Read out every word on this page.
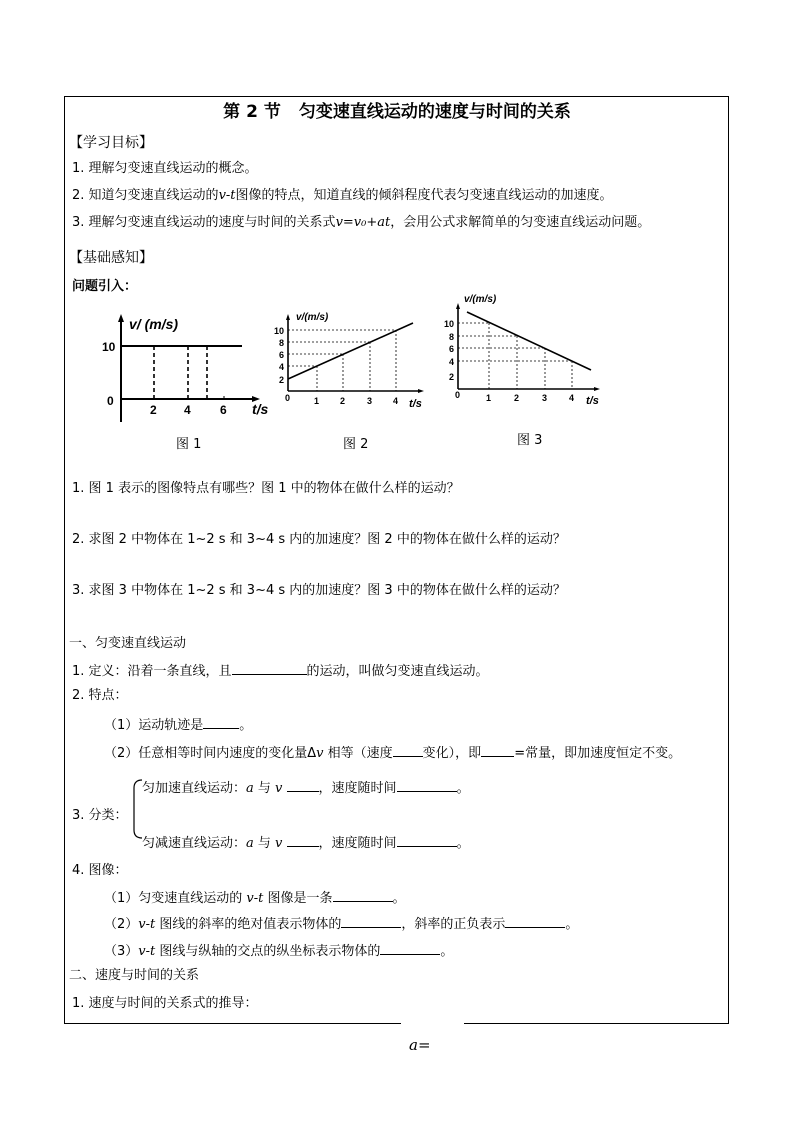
第 2 节 匀变速直线运动的速度与时间的关系
【学习目标】
1. 理解匀变速直线运动的概念。
2. 知道匀变速直线运动的v-t图像的特点，知道直线的倾斜程度代表匀变速直线运动的加速度。
3. 理解匀变速直线运动的速度与时间的关系式v=v₀+at，会用公式求解简单的匀变速直线运动问题。
【基础感知】
问题引入：
v/ (m/s)
10
0
2 4 6 t/s
v/(m/s)
10
8
6
4
2
0	1 2 3 4 t/s
v/(m/s)
10
8
6
4
2
0	1	2	3 4 t/s
图 1	图 2	图 3
1. 图 1 表示的图像特点有哪些？图 1 中的物体在做什么样的运动？
2. 求图 2 中物体在 1~2 s 和 3~4 s 内的加速度？图 2 中的物体在做什么样的运动？
3. 求图 3 中物体在 1~2 s 和 3~4 s 内的加速度？图 3 中的物体在做什么样的运动？
一、匀变速直线运动
1. 定义：沿着一条直线，且	的运动，叫做匀变速直线运动。
2. 特点：
（1）运动轨迹是	。
（2）任意相等时间内速度的变化量Δv 相等（速度 变化），即	=常量，即加速度恒定不变。
3. 分类：
匀加速直线运动：a 与 v	，速度随时间	。
匀减速直线运动：a 与 v	，速度随时间	。
4. 图像：
（1）匀变速直线运动的 v-t 图像是一条	。
（2）v-t 图线的斜率的绝对值表示物体的	，斜率的正负表示	。
（3）v-t 图线与纵轴的交点的纵坐标表示物体的	。
二、速度与时间的关系
1. 速度与时间的关系式的推导：
a=
